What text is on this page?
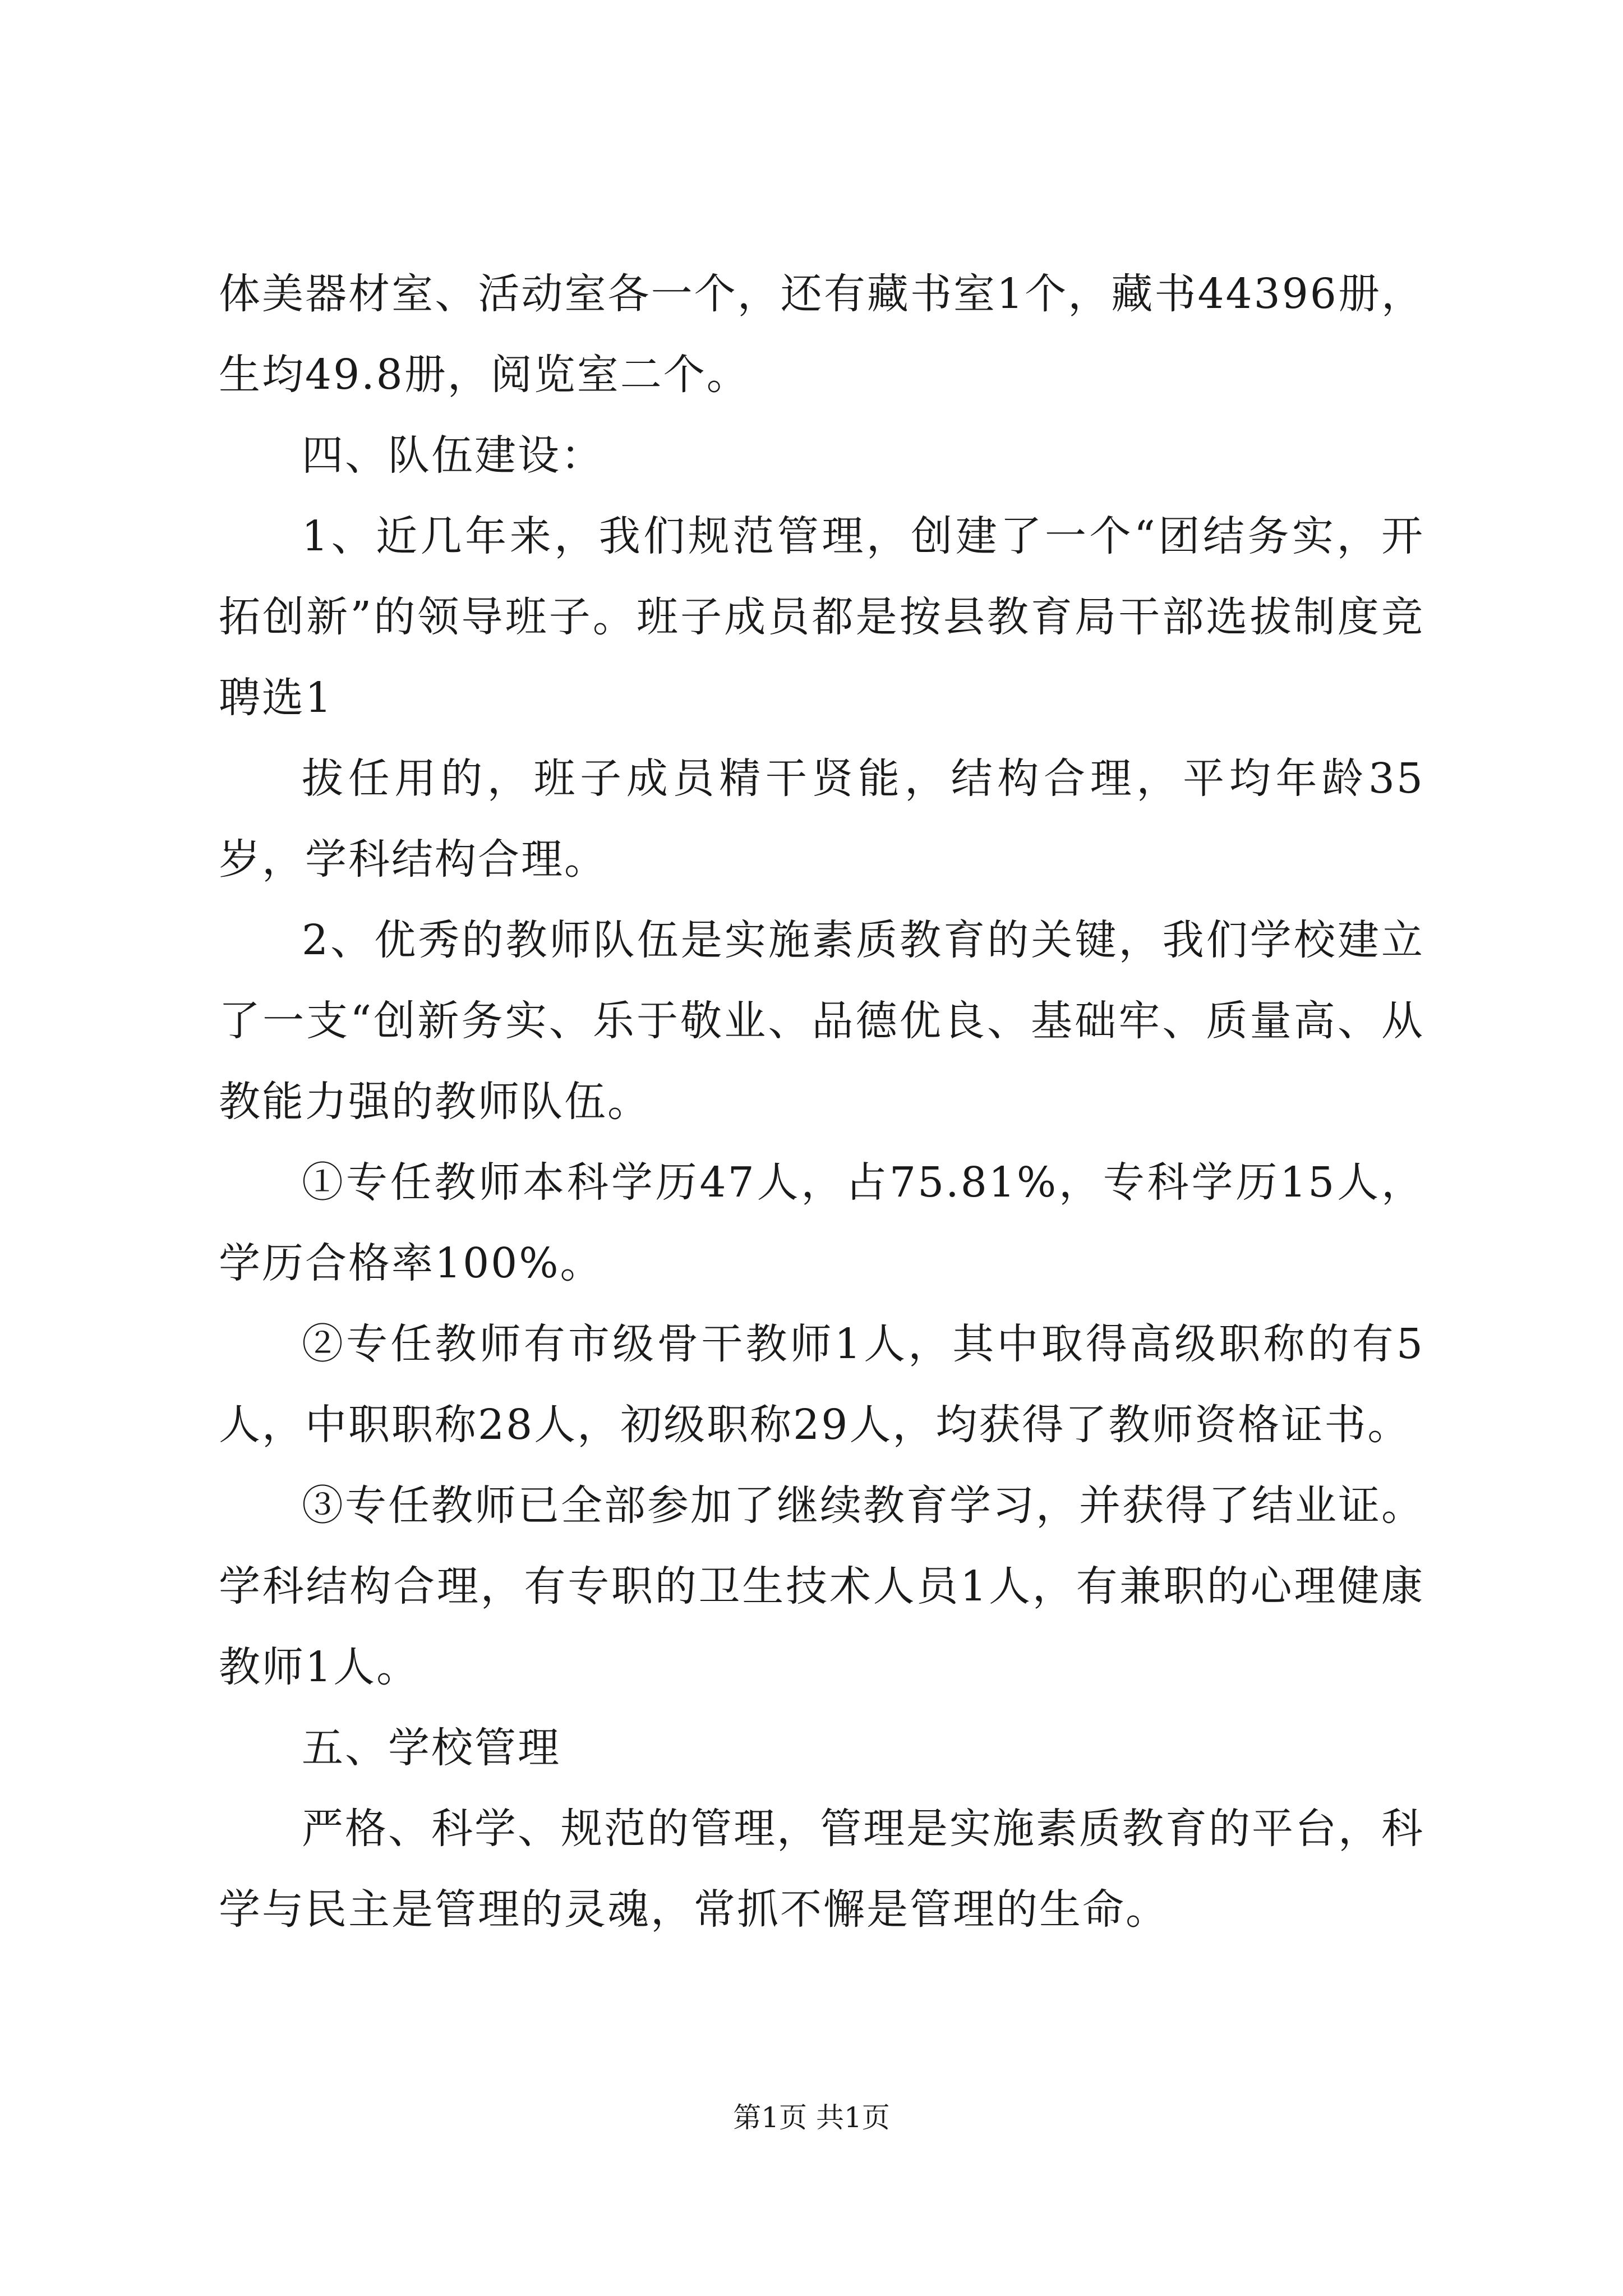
体美器材室、活动室各一个，还有藏书室1个，藏书44396册，生均49.8册，阅览室二个。

四、队伍建设：

1、近几年来，我们规范管理，创建了一个“团结务实，开拓创新”的领导班子。班子成员都是按县教育局干部选拔制度竞聘选1

拔任用的，班子成员精干贤能，结构合理，平均年龄35岁，学科结构合理。

2、优秀的教师队伍是实施素质教育的关键，我们学校建立了一支“创新务实、乐于敬业、品德优良、基础牢、质量高、从教能力强的教师队伍。

①专任教师本科学历47人，占75.81%，专科学历15人，学历合格率100%。

②专任教师有市级骨干教师1人，其中取得高级职称的有5人，中职职称28人，初级职称29人，均获得了教师资格证书。

③专任教师已全部参加了继续教育学习，并获得了结业证。学科结构合理，有专职的卫生技术人员1人，有兼职的心理健康教师1人。

五、学校管理

严格、科学、规范的管理，管理是实施素质教育的平台，科学与民主是管理的灵魂，常抓不懈是管理的生命。

第1页 共1页
